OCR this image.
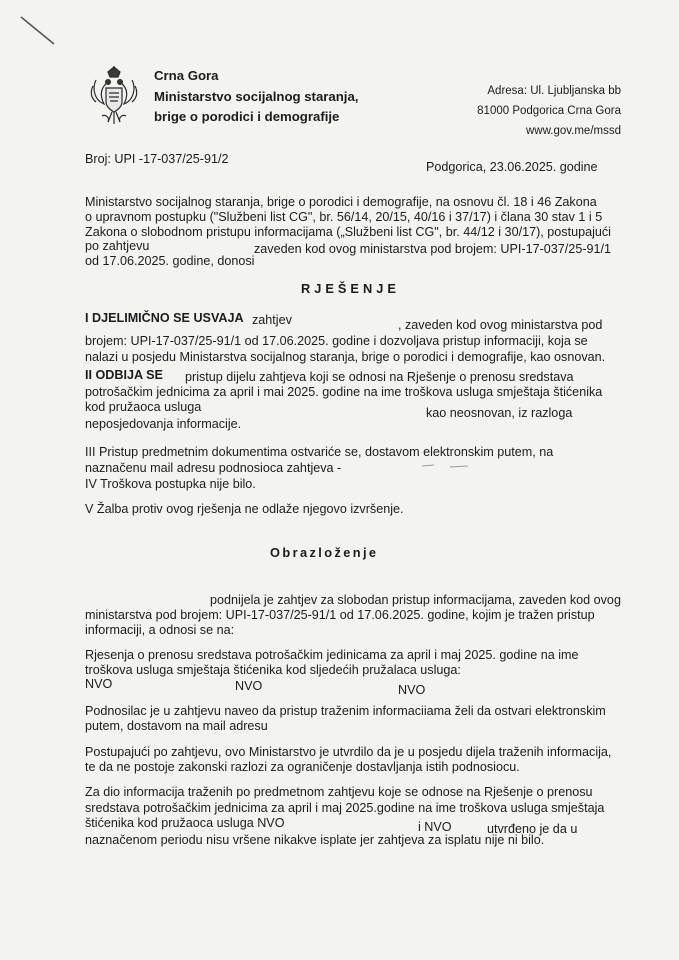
Crna Gora
Ministarstvo socijalnog staranja,
brige o porodici i demografije
Adresa: Ul. Ljubljanska bb
81000 Podgorica Crna Gora
www.gov.me/mssd
Broj: UPI -17-037/25-91/2
Podgorica, 23.06.2025. godine
Ministarstvo socijalnog staranja, brige o porodici i demografije, na osnovu čl. 18 i 46 Zakona
o upravnom postupku ("Službeni list CG", br. 56/14, 20/15, 40/16 i 37/17) i člana 30 stav 1 i 5
Zakona o slobodnom pristupu informacijama („Službeni list CG", br. 44/12 i 30/17), postupajući
po zahtjevu	zaveden kod ovog ministarstva pod brojem: UPI-17-037/25-91/1
od 17.06.2025. godine, donosi
RJEŠENJE
I DJELIMIČNO SE USVAJA zahtjev	, zaveden kod ovog ministarstva pod
brojem: UPI-17-037/25-91/1 od 17.06.2025. godine i dozvoljava pristup informaciji, koja se
nalazi u posjedu Ministarstva socijalnog staranja, brige o porodici i demografije, kao osnovan.
II ODBIJA SE pristup dijelu zahtjeva koji se odnosi na Rješenje o prenosu sredstava
potrošačkim jednicima za april i mai 2025. godine na ime troškova usluga smještaja štićenika
kod pružaoca usluga	kao neosnovan, iz razloga
neposjedovanja informacije.
III Pristup predmetnim dokumentima ostvariće se, dostavom elektronskim putem, na
naznačenu mail adresu podnosioca zahtjeva -
IV Troškova postupka nije bilo.
V Žalba protiv ovog rješenja ne odlaže njegovo izvršenje.
Obrazloženje
podnijela je zahtjev za slobodan pristup informacijama, zaveden kod ovog
ministarstva pod brojem: UPI-17-037/25-91/1 od 17.06.2025. godine, kojim je tražen pristup
informaciji, a odnosi se na:
Rjesenja o prenosu sredstava potrošačkim jedinicama za april i maj 2025. godine na ime
troškova usluga smještaja štićenika kod sljedećih pružalaca usluga:
NVO	NVO	NVO
Podnosilac je u zahtjevu naveo da pristup traženim informaciiama želi da ostvari elektronskim
putem, dostavom na mail adresu
Postupajući po zahtjevu, ovo Ministarstvo je utvrdilo da je u posjedu dijela traženih informacija,
te da ne postoje zakonski razlozi za ograničenje dostavljanja istih podnosiocu.
Za dio informacija traženih po predmetnom zahtjevu koje se odnose na Rješenje o prenosu
sredstava potrošačkim jednicima za april i maj 2025.godine na ime troškova usluga smještaja
štićenika kod pružaoca usluga NVO	i NVO	utvrđeno je da u
naznačenom periodu nisu vršene nikakve isplate jer zahtjeva za isplatu nije ni bilo.
